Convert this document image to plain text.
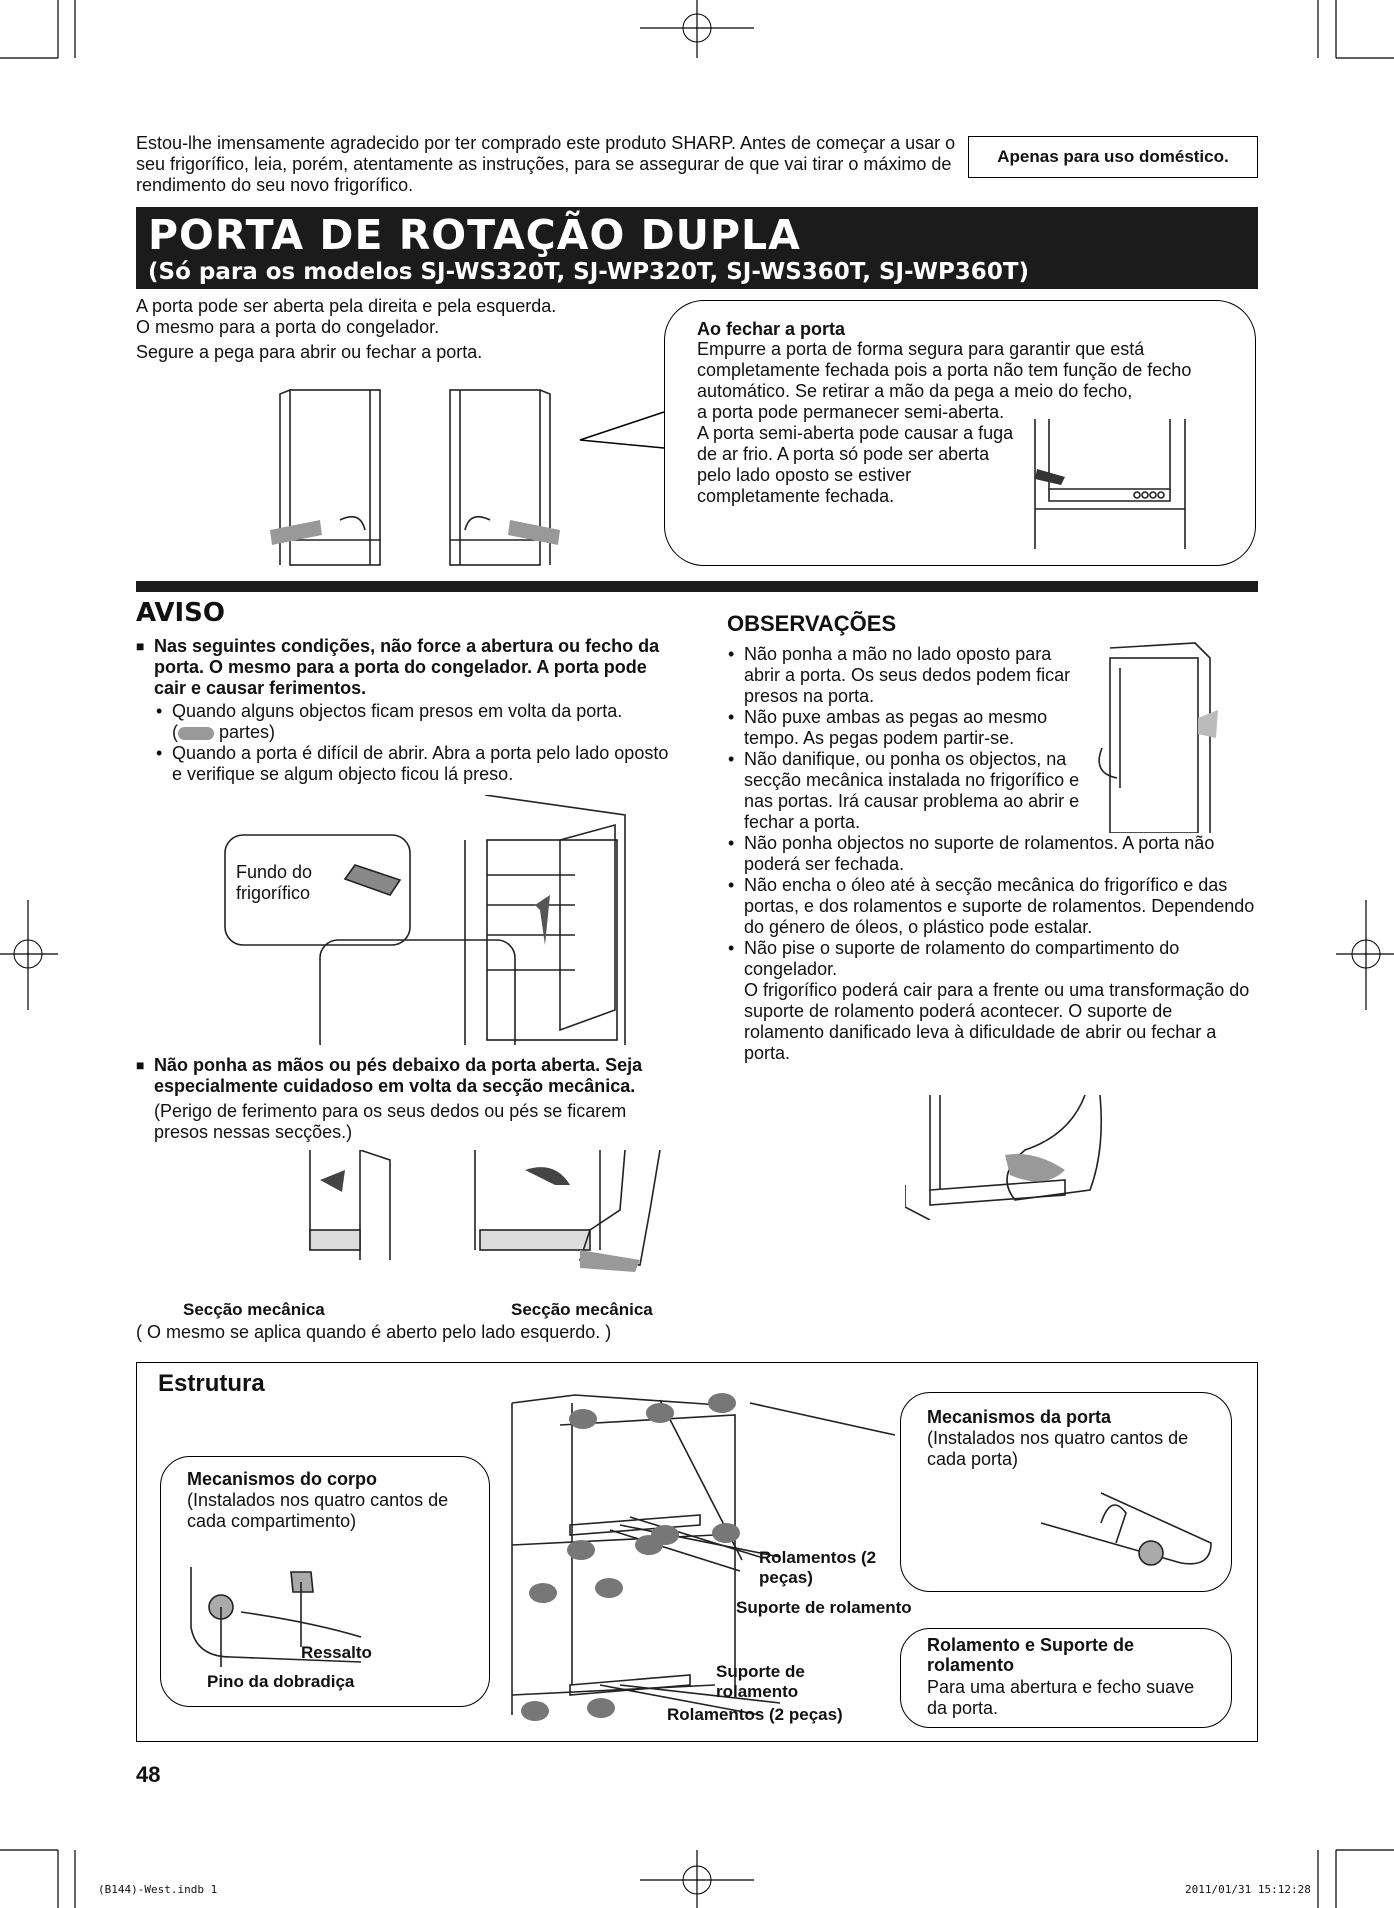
Estou-lhe imensamente agradecido por ter comprado este produto SHARP. Antes de começar a usar o seu frigorífico, leia, porém, atentamente as instruções, para se assegurar de que vai tirar o máximo de rendimento do seu novo frigorífico.
Apenas para uso doméstico.
PORTA DE ROTAÇÃO DUPLA
(Só para os modelos SJ-WS320T, SJ-WP320T, SJ-WS360T, SJ-WP360T)
A porta pode ser aberta pela direita e pela esquerda.
O mesmo para a porta do congelador.
Segure a pega para abrir ou fechar a porta.
Ao fechar a porta
Empurre a porta de forma segura para garantir que está completamente fechada pois a porta não tem função de fecho automático. Se retirar a mão da pega a meio do fecho,
a porta pode permanecer semi-aberta. A porta semi-aberta pode causar a fuga de ar frio. A porta só pode ser aberta pelo lado oposto se estiver completamente fechada.
AVISO
■ Nas seguintes condições, não force a abertura ou fecho da porta. O mesmo para a porta do congelador. A porta pode cair e causar ferimentos.
• Quando alguns objectos ficam presos em volta da porta.
( partes)
• Quando a porta é difícil de abrir. Abra a porta pelo lado oposto e verifique se algum objecto ficou lá preso.
Fundo do frigorífico
■ Não ponha as mãos ou pés debaixo da porta aberta. Seja especialmente cuidadoso em volta da secção mecânica.
(Perigo de ferimento para os seus dedos ou pés se ficarem presos nessas secções.)
Secção mecânica	Secção mecânica
( O mesmo se aplica quando é aberto pelo lado esquerdo. )
OBSERVAÇÕES
• Não ponha a mão no lado oposto para abrir a porta. Os seus dedos podem ficar presos na porta.
• Não puxe ambas as pegas ao mesmo tempo. As pegas podem partir-se.
• Não danifique, ou ponha os objectos, na secção mecânica instalada no frigorífico e nas portas. Irá causar problema ao abrir e fechar a porta.
• Não ponha objectos no suporte de rolamentos. A porta não poderá ser fechada.
• Não encha o óleo até à secção mecânica do frigorífico e das portas, e dos rolamentos e suporte de rolamentos. Dependendo do género de óleos, o plástico pode estalar.
• Não pise o suporte de rolamento do compartimento do congelador.
O frigorífico poderá cair para a frente ou uma transformação do suporte de rolamento poderá acontecer. O suporte de rolamento danificado leva à dificuldade de abrir ou fechar a porta.
Estrutura
Mecanismos do corpo
(Instalados nos quatro cantos de cada compartimento)
Ressalto
Pino da dobradiça
Mecanismos da porta
(Instalados nos quatro cantos de cada porta)
Rolamentos (2 peças)
Suporte de rolamento
Suporte de rolamento
Rolamentos (2 peças)
Rolamento e Suporte de rolamento
Para uma abertura e fecho suave da porta.
48
(B144)-West.indb 1	2011/01/31 15:12:28
